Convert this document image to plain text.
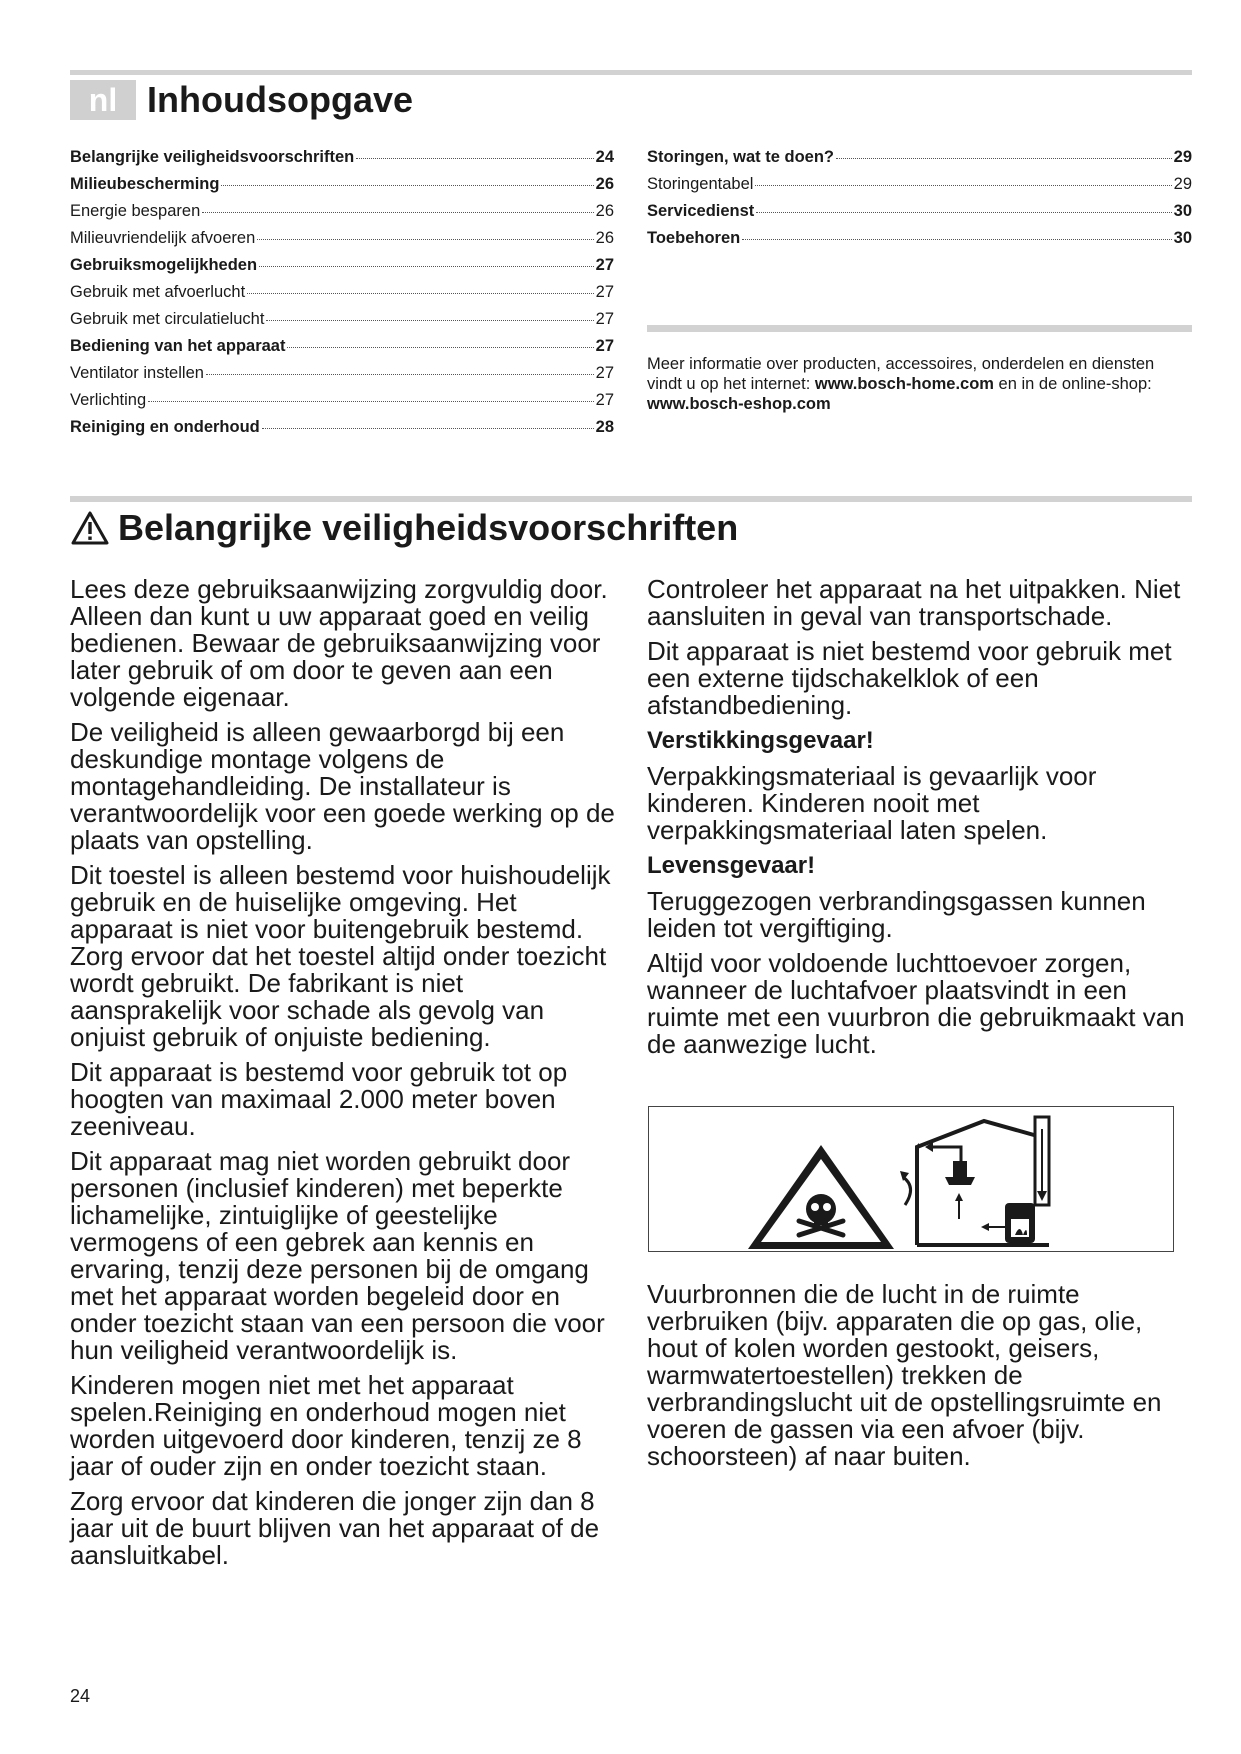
nl Inhoudsopgave
Belangrijke veiligheidsvoorschriften	24
Milieubescherming	26
Energie besparen	26
Milieuvriendelijk afvoeren	26
Gebruiksmogelijkheden	27
Gebruik met afvoerlucht	27
Gebruik met circulatielucht	27
Bediening van het apparaat	27
Ventilator instellen	27
Verlichting	27
Reiniging en onderhoud	28
Storingen, wat te doen?	29
Storingentabel	29
Servicedienst	30
Toebehoren	30
Meer informatie over producten, accessoires, onderdelen en diensten vindt u op het internet: www.bosch-home.com en in de online-shop: www.bosch-eshop.com
Belangrijke veiligheidsvoorschriften

Lees deze gebruiksaanwijzing zorgvuldig door. Alleen dan kunt u uw apparaat goed en veilig bedienen. Bewaar de gebruiksaanwijzing voor later gebruik of om door te geven aan een volgende eigenaar.

De veiligheid is alleen gewaarborgd bij een deskundige montage volgens de montagehandleiding. De installateur is verantwoordelijk voor een goede werking op de plaats van opstelling.

Dit toestel is alleen bestemd voor huishoudelijk gebruik en de huiselijke omgeving. Het apparaat is niet voor buitengebruik bestemd. Zorg ervoor dat het toestel altijd onder toezicht wordt gebruikt. De fabrikant is niet aansprakelijk voor schade als gevolg van onjuist gebruik of onjuiste bediening.

Dit apparaat is bestemd voor gebruik tot op hoogten van maximaal 2.000 meter boven zeeniveau.

Dit apparaat mag niet worden gebruikt door personen (inclusief kinderen) met beperkte lichamelijke, zintuiglijke of geestelijke vermogens of een gebrek aan kennis en ervaring, tenzij deze personen bij de omgang met het apparaat worden begeleid door en onder toezicht staan van een persoon die voor hun veiligheid verantwoordelijk is.

Kinderen mogen niet met het apparaat spelen.Reiniging en onderhoud mogen niet worden uitgevoerd door kinderen, tenzij ze 8 jaar of ouder zijn en onder toezicht staan.

Zorg ervoor dat kinderen die jonger zijn dan 8 jaar uit de buurt blijven van het apparaat of de aansluitkabel.

Controleer het apparaat na het uitpakken. Niet aansluiten in geval van transportschade.

Dit apparaat is niet bestemd voor gebruik met een externe tijdschakelklok of een afstandbediening.

Verstikkingsgevaar!

Verpakkingsmateriaal is gevaarlijk voor kinderen. Kinderen nooit met verpakkingsmateriaal laten spelen.

Levensgevaar!

Teruggezogen verbrandingsgassen kunnen leiden tot vergiftiging.

Altijd voor voldoende luchttoevoer zorgen, wanneer de luchtafvoer plaatsvindt in een ruimte met een vuurbron die gebruikmaakt van de aanwezige lucht.

Vuurbronnen die de lucht in de ruimte verbruiken (bijv. apparaten die op gas, olie, hout of kolen worden gestookt, geisers, warmwatertoestellen) trekken de verbrandingslucht uit de opstellingsruimte en voeren de gassen via een afvoer (bijv. schoorsteen) af naar buiten.

24
